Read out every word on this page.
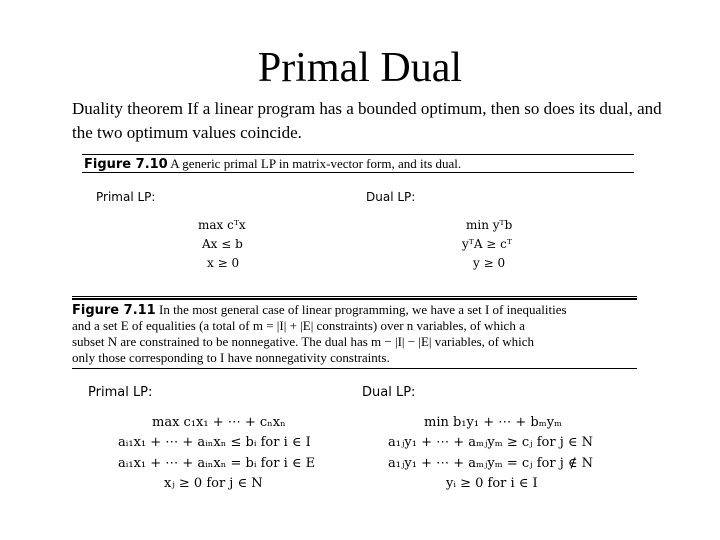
Primal Dual
Duality theorem If a linear program has a bounded optimum, then so does its dual, and the two optimum values coincide.
Figure 7.10 A generic primal LP in matrix-vector form, and its dual.
Primal LP:	Dual LP:
max cᵀx
Ax ≤ b
x ≥ 0
min yᵀb
yᵀA ≥ cᵀ
y ≥ 0
Figure 7.11 In the most general case of linear programming, we have a set I of inequalities
and a set E of equalities (a total of m = |I| + |E| constraints) over n variables, of which a
subset N are constrained to be nonnegative. The dual has m − |I| − |E| variables, of which
only those corresponding to I have nonnegativity constraints.
Primal LP:	Dual LP:
max c₁x₁ + ⋯ + cₙxₙ
aᵢ₁x₁ + ⋯ + aᵢₙxₙ ≤ bᵢ for i ∈ I
aᵢ₁x₁ + ⋯ + aᵢₙxₙ = bᵢ for i ∈ E
xⱼ ≥ 0 for j ∈ N
min b₁y₁ + ⋯ + bₘyₘ
a₁ⱼy₁ + ⋯ + aₘⱼyₘ ≥ cⱼ for j ∈ N
a₁ⱼy₁ + ⋯ + aₘⱼyₘ = cⱼ for j ∉ N
yᵢ ≥ 0 for i ∈ I
